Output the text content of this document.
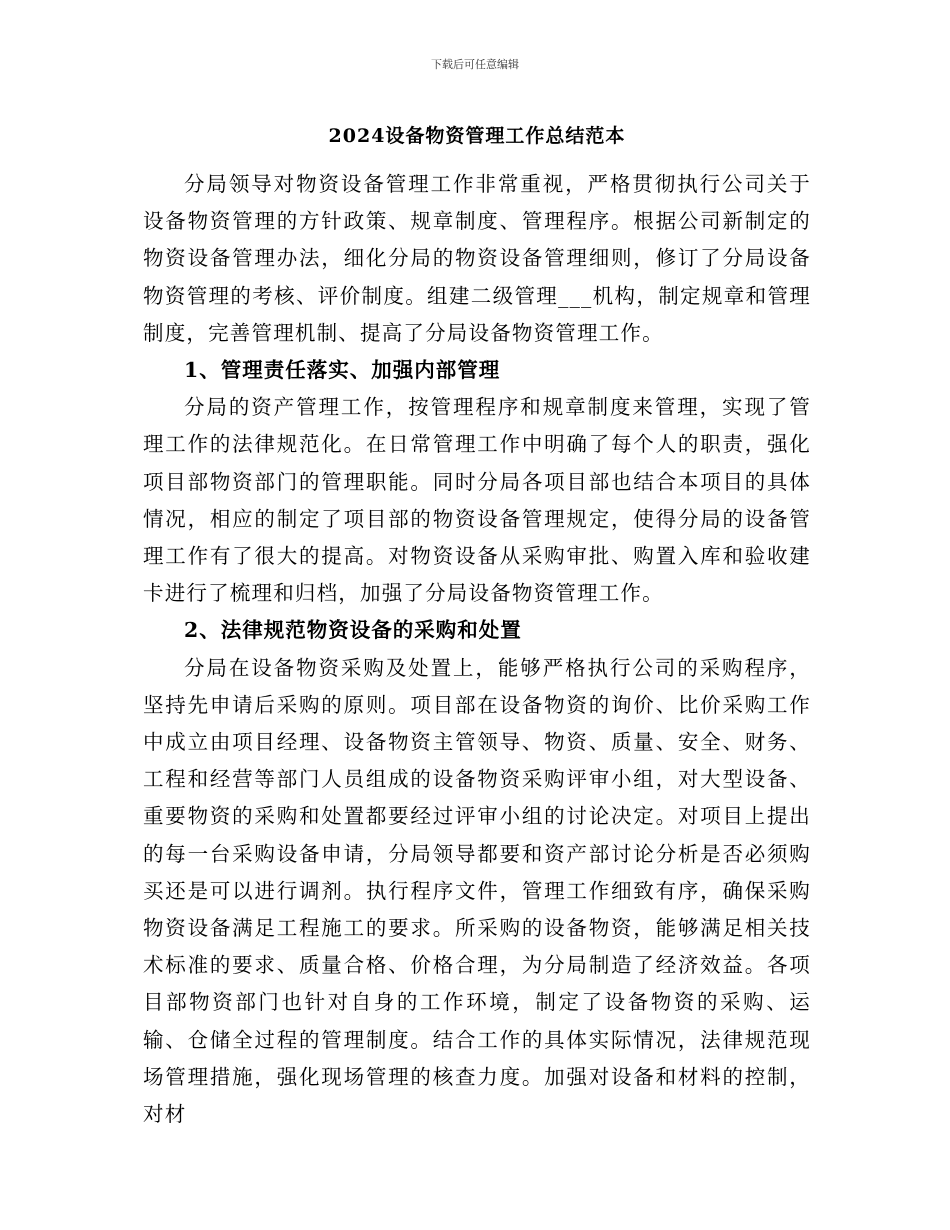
下载后可任意编辑
2024设备物资管理工作总结范本

分局领导对物资设备管理工作非常重视，严格贯彻执行公司关于设备物资管理的方针政策、规章制度、管理程序。根据公司新制定的物资设备管理办法，细化分局的物资设备管理细则，修订了分局设备物资管理的考核、评价制度。组建二级管理___机构，制定规章和管理制度，完善管理机制、提高了分局设备物资管理工作。

1、管理责任落实、加强内部管理

分局的资产管理工作，按管理程序和规章制度来管理，实现了管理工作的法律规范化。在日常管理工作中明确了每个人的职责，强化项目部物资部门的管理职能。同时分局各项目部也结合本项目的具体情况，相应的制定了项目部的物资设备管理规定，使得分局的设备管理工作有了很大的提高。对物资设备从采购审批、购置入库和验收建卡进行了梳理和归档，加强了分局设备物资管理工作。

2、法律规范物资设备的采购和处置

分局在设备物资采购及处置上，能够严格执行公司的采购程序，坚持先申请后采购的原则。项目部在设备物资的询价、比价采购工作中成立由项目经理、设备物资主管领导、物资、质量、安全、财务、工程和经营等部门人员组成的设备物资采购评审小组，对大型设备、重要物资的采购和处置都要经过评审小组的讨论决定。对项目上提出的每一台采购设备申请，分局领导都要和资产部讨论分析是否必须购买还是可以进行调剂。执行程序文件，管理工作细致有序，确保采购物资设备满足工程施工的要求。所采购的设备物资，能够满足相关技术标准的要求、质量合格、价格合理，为分局制造了经济效益。各项目部物资部门也针对自身的工作环境，制定了设备物资的采购、运输、仓储全过程的管理制度。结合工作的具体实际情况，法律规范现场管理措施，强化现场管理的核查力度。加强对设备和材料的控制，对材
